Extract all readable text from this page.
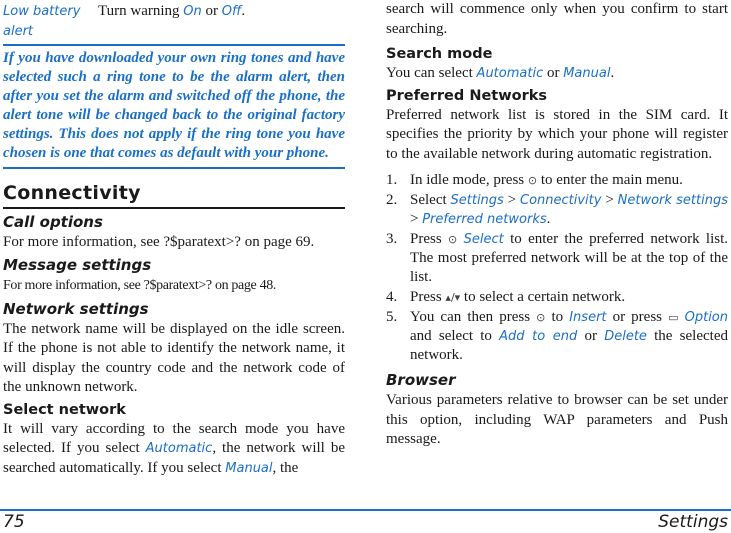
Low battery alert
Turn warning On or Off.
If you have downloaded your own ring tones and have selected such a ring tone to be the alarm alert, then after you set the alarm and switched off the phone, the alert tone will be changed back to the original factory settings. This does not apply if the ring tone you have chosen is one that comes as default with your phone.
Connectivity
Call options
For more information, see ?$paratext>? on page 69.
Message settings
For more information, see ?$paratext>? on page 48.
Network settings
The network name will be displayed on the idle screen. If the phone is not able to identify the network name, it will display the country code and the network code of the unknown network.
Select network
It will vary according to the search mode you have selected. If you select Automatic, the network will be searched automatically. If you select Manual, the
search will commence only when you confirm to start searching.
Search mode
You can select Automatic or Manual.
Preferred Networks
Preferred network list is stored in the SIM card. It specifies the priority by which your phone will register to the available network during automatic registration.
1. In idle mode, press ⊙ to enter the main menu.
2. Select Settings > Connectivity > Network settings > Preferred networks.
3. Press ⊙ Select to enter the preferred network list. The most preferred network will be at the top of the list.
4. Press ▴/▾ to select a certain network.
5. You can then press ⊙ to Insert or press ▭ Option and select to Add to end or Delete the selected network.
Browser
Various parameters relative to browser can be set under this option, including WAP parameters and Push message.
75	Settings
